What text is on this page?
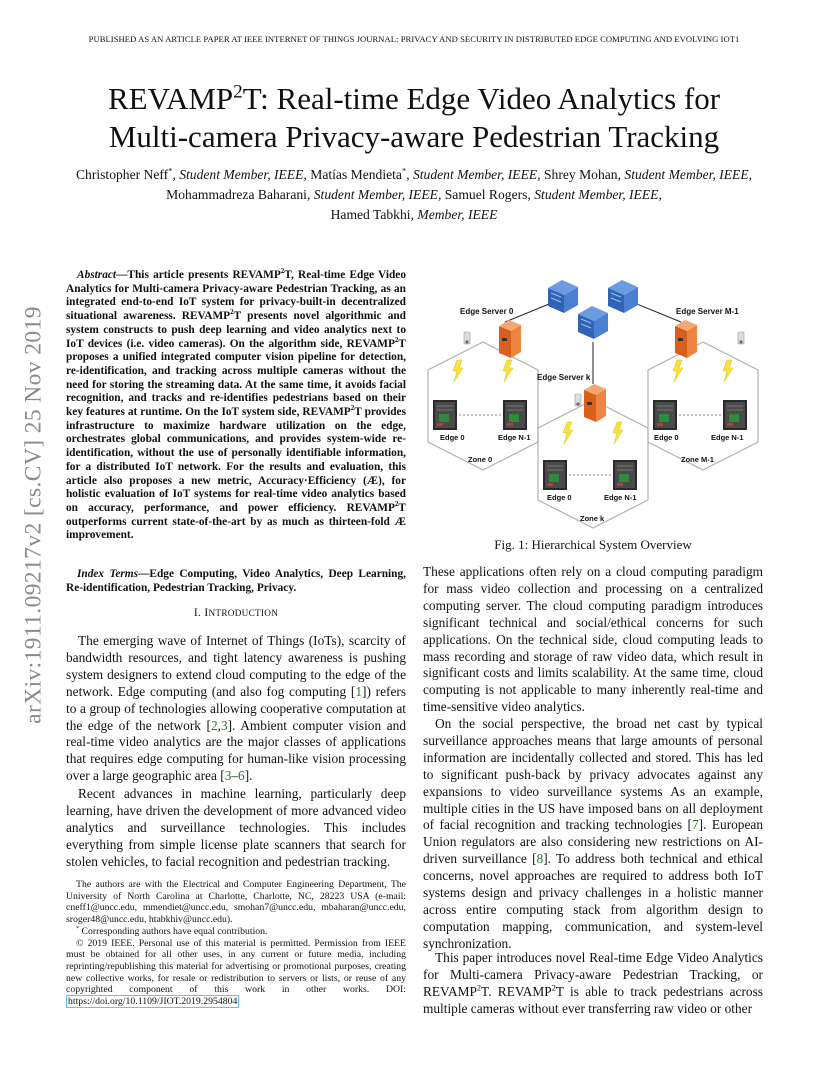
PUBLISHED AS AN ARTICLE PAPER AT IEEE INTERNET OF THINGS JOURNAL: PRIVACY AND SECURITY IN DISTRIBUTED EDGE COMPUTING AND EVOLVING IOT1
arXiv:1911.09217v2 [cs.CV] 25 Nov 2019
REVAMP$^2$T: Real-time Edge Video Analytics for
Multi-camera Privacy-aware Pedestrian Tracking
Christopher Neff*, Student Member, IEEE, Matías Mendieta*, Student Member, IEEE, Shrey Mohan, Student Member, IEEE, Mohammadreza Baharani, Student Member, IEEE, Samuel Rogers, Student Member, IEEE,
Hamed Tabkhi, Member, IEEE
Abstract—This article presents REVAMP$^2$T, Real-time Edge Video Analytics for Multi-camera Privacy-aware Pedestrian Tracking, as an integrated end-to-end IoT system for privacy-built-in decentralized situational awareness. REVAMP$^2$T presents novel algorithmic and system constructs to push deep learning and video analytics next to IoT devices (i.e. video cameras). On the algorithm side, REVAMP$^2$T proposes a unified integrated computer vision pipeline for detection, re-identification, and tracking across multiple cameras without the need for storing the streaming data. At the same time, it avoids facial recognition, and tracks and re-identifies pedestrians based on their key features at runtime. On the IoT system side, REVAMP$^2$T provides infrastructure to maximize hardware utilization on the edge, orchestrates global communications, and provides system-wide re-identification, without the use of personally identifiable information, for a distributed IoT network. For the results and evaluation, this article also proposes a new metric, Accuracy·Efficiency (Æ), for holistic evaluation of IoT systems for real-time video analytics based on accuracy, performance, and power efficiency. REVAMP$^2$T outperforms current state-of-the-art by as much as thirteen-fold Æ improvement.
Index Terms—Edge Computing, Video Analytics, Deep Learning, Re-identification, Pedestrian Tracking, Privacy.
I. INTRODUCTION

The emerging wave of Internet of Things (IoTs), scarcity of bandwidth resources, and tight latency awareness is pushing system designers to extend cloud computing to the edge of the network. Edge computing (and also fog computing [1]) refers to a group of technologies allowing cooperative computation at the edge of the network [2,3]. Ambient computer vision and real-time video analytics are the major classes of applications that requires edge computing for human-like vision processing over a large geographic area [3–6].

Recent advances in machine learning, particularly deep learning, have driven the development of more advanced video analytics and surveillance technologies. This includes everything from simple license plate scanners that search for stolen vehicles, to facial recognition and pedestrian tracking.

The authors are with the Electrical and Computer Engineering Department, The University of North Carolina at Charlotte, Charlotte, NC, 28223 USA (e-mail: cneff1@uncc.edu, mmendiet@uncc.edu, smohan7@uncc.edu, mbaharan@uncc.edu, sroger48@uncc.edu, htabkhiv@uncc.edu).

* Corresponding authors have equal contribution.

© 2019 IEEE. Personal use of this material is permitted. Permission from IEEE must be obtained for all other uses, in any current or future media, including reprinting/republishing this material for advertising or promotional purposes, creating new collective works, for resale or redistribution to servers or lists, or reuse of any copyrighted component of this work in other works. DOI: https://doi.org/10.1109/JIOT.2019.2954804

Edge Server 0	Edge Server M-1
Edge Server k
Edge 0	Edge N-1
Zone 0
Edge 0	Edge N-1
Zone M-1
Edge 0	Edge N-1
Zone k
Fig. 1: Hierarchical System Overview

These applications often rely on a cloud computing paradigm for mass video collection and processing on a centralized computing server. The cloud computing paradigm introduces significant technical and social/ethical concerns for such applications. On the technical side, cloud computing leads to mass recording and storage of raw video data, which result in significant costs and limits scalability. At the same time, cloud computing is not applicable to many inherently real-time and time-sensitive video analytics.

On the social perspective, the broad net cast by typical surveillance approaches means that large amounts of personal information are incidentally collected and stored. This has led to significant push-back by privacy advocates against any expansions to video surveillance systems As an example, multiple cities in the US have imposed bans on all deployment of facial recognition and tracking technologies [7]. European Union regulators are also considering new restrictions on AI-driven surveillance [8]. To address both technical and ethical concerns, novel approaches are required to address both IoT systems design and privacy challenges in a holistic manner across entire computing stack from algorithm design to computation mapping, communication, and system-level synchronization.

This paper introduces novel Real-time Edge Video Analytics for Multi-camera Privacy-aware Pedestrian Tracking, or REVAMP$^2$T. REVAMP$^2$T is able to track pedestrians across multiple cameras without ever transferring raw video or other
